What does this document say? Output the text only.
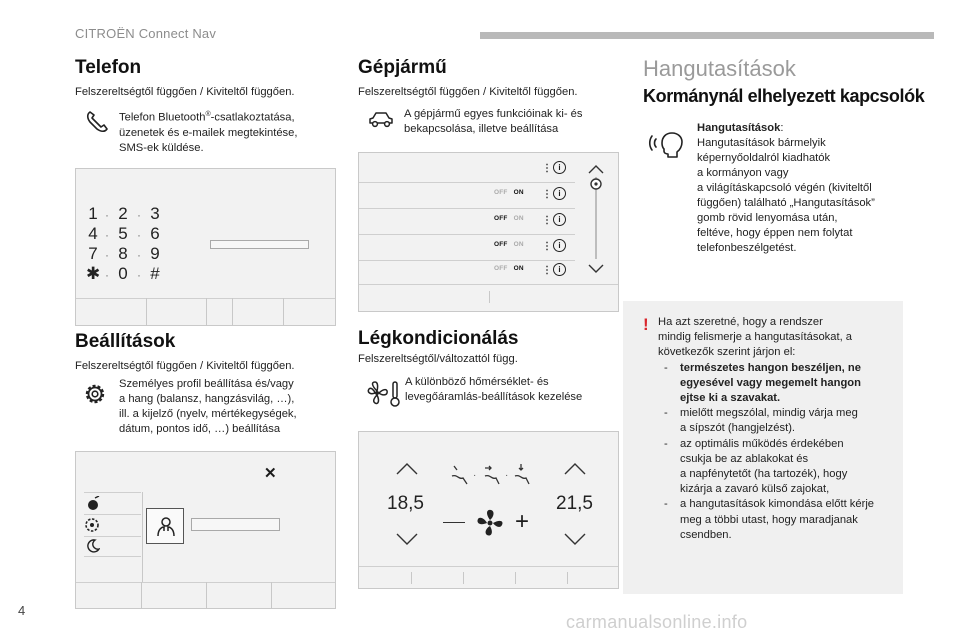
CITROËN Connect Nav
4
carmanualsonline.info
Telefon
Felszereltségtől függően / Kiviteltől függően.
Telefon Bluetooth®-csatlakoztatása,
üzenetek és e-mailek megtekintése,
SMS-ek küldése.
1 · 2 · 3
4 · 5 · 6
7 · 8 · 9
✱ · 0 · #
Beállítások
Felszereltségtől függően / Kiviteltől függően.
Személyes profil beállítása és/vagy
a hang (balansz, hangzásvilág, …),
ill. a kijelző (nyelv, mértékegységek,
dátum, pontos idő, …) beállítása
✕
Gépjármű
Felszereltségtől függően / Kiviteltől függően.
A gépjármű egyes funkcióinak ki- és
bekapcsolása, illetve beállítása
⋮ i
OFF ON
OFF ON
OFF ON
OFF ON
⋮ i
⋮ i
⋮ i
⋮ i
Légkondicionálás
Felszereltségtől/változattól függ.
A különböző hőmérséklet- és
levegőáramlás-beállítások kezelése
18,5	21,5
·	·
+
Hangutasítások
Kormánynál elhelyezett kapcsolók
Hangutasítások:
Hangutasítások bármelyik
képernyőoldalról kiadhatók
a kormányon vagy
a világításkapcsoló végén (kiviteltől
függően) található „Hangutasítások”
gomb rövid lenyomása után,
feltéve, hogy éppen nem folytat
telefonbeszélgetést.
! Ha azt szeretné, hogy a rendszer
mindig felismerje a hangutasításokat, a
következők szerint járjon el:
- természetes hangon beszéljen, ne
egyesével vagy megemelt hangon
ejtse ki a szavakat.
- mielőtt megszólal, mindig várja meg
a sípszót (hangjelzést).
- az optimális működés érdekében
csukja be az ablakokat és
a napfénytetőt (ha tartozék), hogy
kizárja a zavaró külső zajokat,
- a hangutasítások kimondása előtt kérje
meg a többi utast, hogy maradjanak
csendben.
